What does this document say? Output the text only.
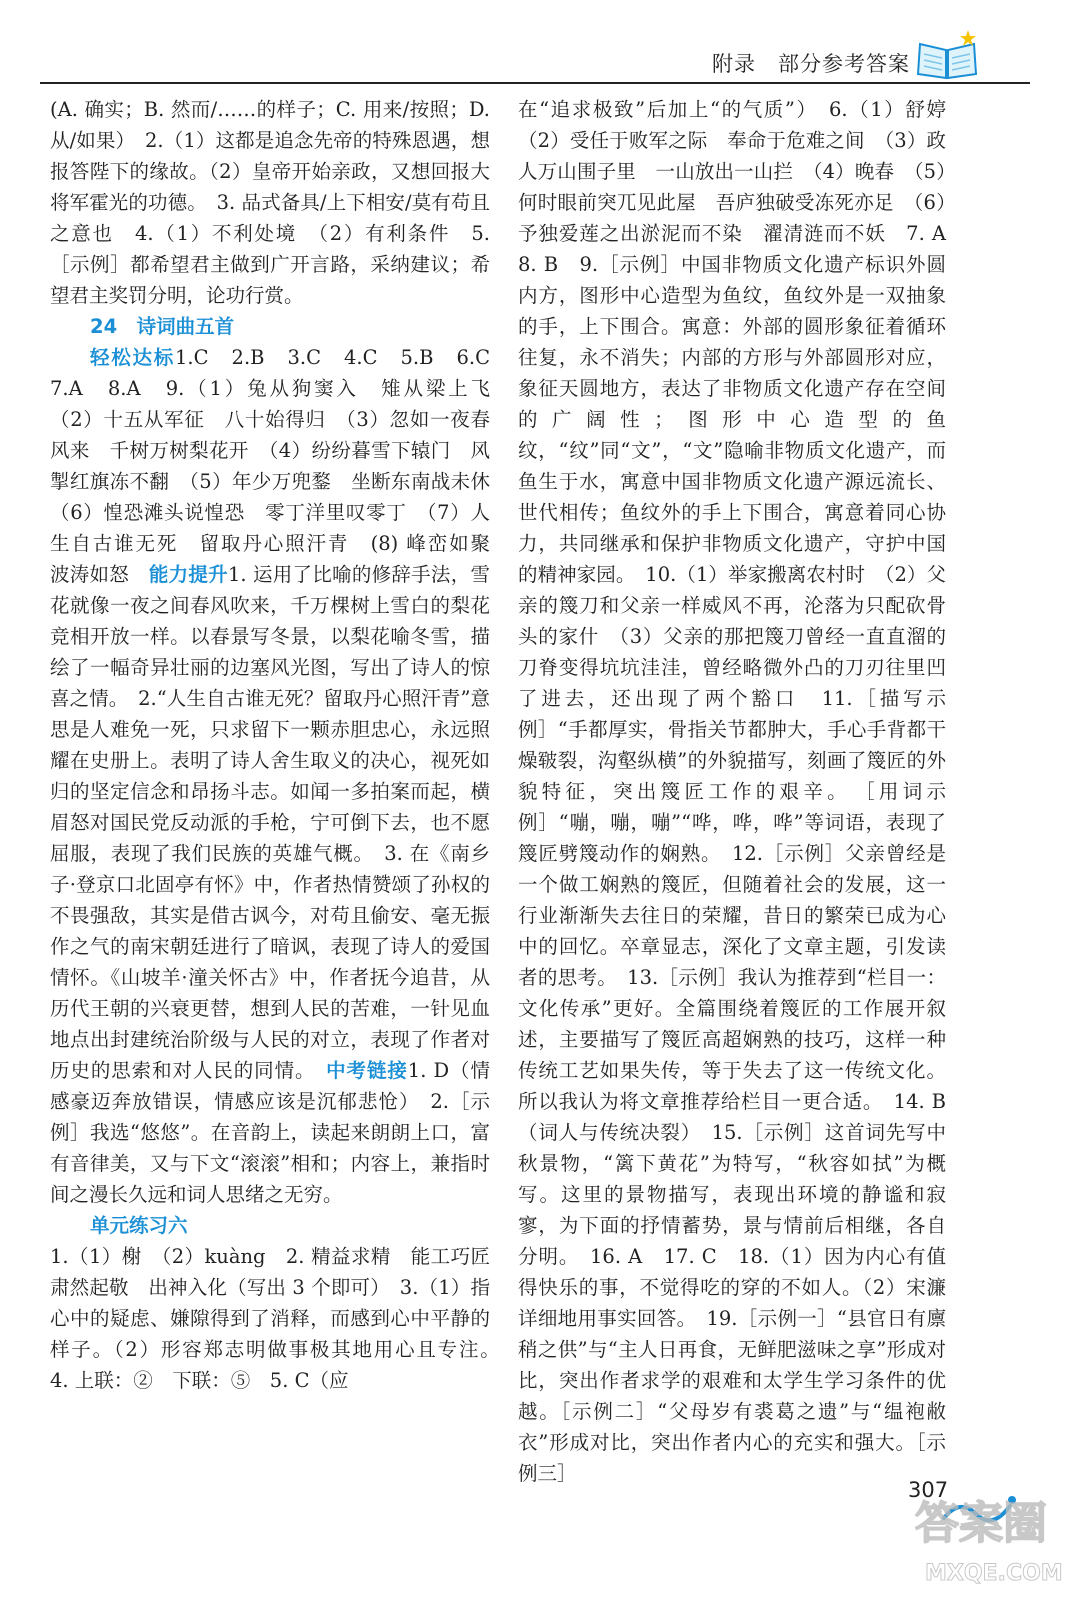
附录　部分参考答案

(A. 确实；B. 然而/……的样子；C. 用来/按照；D. 从/如果）　2.（1）这都是追念先帝的特殊恩遇，想报答陛下的缘故。（2）皇帝开始亲政，又想回报大将军霍光的功德。　3. 品式备具/上下相安/莫有苟且之意也　4.（1）不利处境　（2）有利条件　5.［示例］都希望君主做到广开言路，采纳建议；希望君主奖罚分明，论功行赏。

24　诗词曲五首

轻松达标1.C　2.B　3.C　4.C　5.B　6.C　7.A　8.A　9.（1）兔从狗窦入　雉从梁上飞　（2）十五从军征　八十始得归　（3）忽如一夜春风来　千树万树梨花开　（4）纷纷暮雪下辕门　风掣红旗冻不翻　（5）年少万兜鍪　坐断东南战未休　（6）惶恐滩头说惶恐　零丁洋里叹零丁　（7）人生自古谁无死　留取丹心照汗青　(8) 峰峦如聚　波涛如怒　能力提升1. 运用了比喻的修辞手法，雪花就像一夜之间春风吹来，千万棵树上雪白的梨花竞相开放一样。以春景写冬景，以梨花喻冬雪，描绘了一幅奇异壮丽的边塞风光图，写出了诗人的惊喜之情。　2.“人生自古谁无死？留取丹心照汗青”意思是人难免一死，只求留下一颗赤胆忠心，永远照耀在史册上。表明了诗人舍生取义的决心，视死如归的坚定信念和昂扬斗志。如闻一多拍案而起，横眉怒对国民党反动派的手枪，宁可倒下去，也不愿屈服，表现了我们民族的英雄气概。　3. 在《南乡子·登京口北固亭有怀》中，作者热情赞颂了孙权的不畏强敌，其实是借古讽今，对苟且偷安、毫无振作之气的南宋朝廷进行了暗讽，表现了诗人的爱国情怀。《山坡羊·潼关怀古》中，作者抚今追昔，从历代王朝的兴衰更替，想到人民的苦难，一针见血地点出封建统治阶级与人民的对立，表现了作者对历史的思索和对人民的同情。　中考链接1. D（情感豪迈奔放错误，情感应该是沉郁悲怆）　2.［示例］我选“悠悠”。在音韵上，读起来朗朗上口，富有音律美，又与下文“滚滚”相和；内容上，兼指时间之漫长久远和词人思绪之无穷。

单元练习六

1.（1）榭　（2）kuàng　2. 精益求精　能工巧匠　肃然起敬　出神入化（写出 3 个即可）　3.（1）指心中的疑虑、嫌隙得到了消释，而感到心中平静的样子。（2）形容郑志明做事极其地用心且专注。　4. 上联：②　下联：⑤　5. C（应

在“追求极致”后加上“的气质”）　6.（1）舒婷　（2）受任于败军之际　奉命于危难之间　（3）政人万山围子里　一山放出一山拦　（4）晚春　（5）何时眼前突兀见此屋　吾庐独破受冻死亦足　（6）予独爱莲之出淤泥而不染　濯清涟而不妖　7. A　8. B　9.［示例］中国非物质文化遗产标识外圆内方，图形中心造型为鱼纹，鱼纹外是一双抽象的手，上下围合。寓意：外部的圆形象征着循环往复，永不消失；内部的方形与外部圆形对应，象征天圆地方，表达了非物质文化遗产存在空间的广阔性；图形中心造型的鱼纹，“纹”同“文”，“文”隐喻非物质文化遗产，而鱼生于水，寓意中国非物质文化遗产源远流长、世代相传；鱼纹外的手上下围合，寓意着同心协力，共同继承和保护非物质文化遗产，守护中国的精神家园。　10.（1）举家搬离农村时　（2）父亲的篾刀和父亲一样威风不再，沦落为只配砍骨头的家什　（3）父亲的那把篾刀曾经一直直溜的刀脊变得坑坑洼洼，曾经略微外凸的刀刃往里凹了进去，还出现了两个豁口　11.［描写示例］“手都厚实，骨指关节都肿大，手心手背都干燥皲裂，沟壑纵横”的外貌描写，刻画了篾匠的外貌特征，突出篾匠工作的艰辛。　［用词示例］“嘣，嘣，嘣”“哗，哗，哗”等词语，表现了篾匠劈篾动作的娴熟。　12.［示例］父亲曾经是一个做工娴熟的篾匠，但随着社会的发展，这一行业渐渐失去往日的荣耀，昔日的繁荣已成为心中的回忆。卒章显志，深化了文章主题，引发读者的思考。　13.［示例］我认为推荐到“栏目一：文化传承”更好。全篇围绕着篾匠的工作展开叙述，主要描写了篾匠高超娴熟的技巧，这样一种传统工艺如果失传，等于失去了这一传统文化。所以我认为将文章推荐给栏目一更合适。　14. B（词人与传统决裂）　15.［示例］这首词先写中秋景物，“篱下黄花”为特写，“秋容如拭”为概写。这里的景物描写，表现出环境的静谧和寂寥，为下面的抒情蓄势，景与情前后相继，各自分明。　16. A　17. C　18.（1）因为内心有值得快乐的事，不觉得吃的穿的不如人。（2）宋濂详细地用事实回答。　19.［示例一］“县官日有廪稍之供”与“主人日再食，无鲜肥滋味之享”形成对比，突出作者求学的艰难和太学生学习条件的优越。［示例二］“父母岁有裘葛之遗”与“缊袍敝衣”形成对比，突出作者内心的充实和强大。［示例三］

307
答案圈
MXQE.COM
